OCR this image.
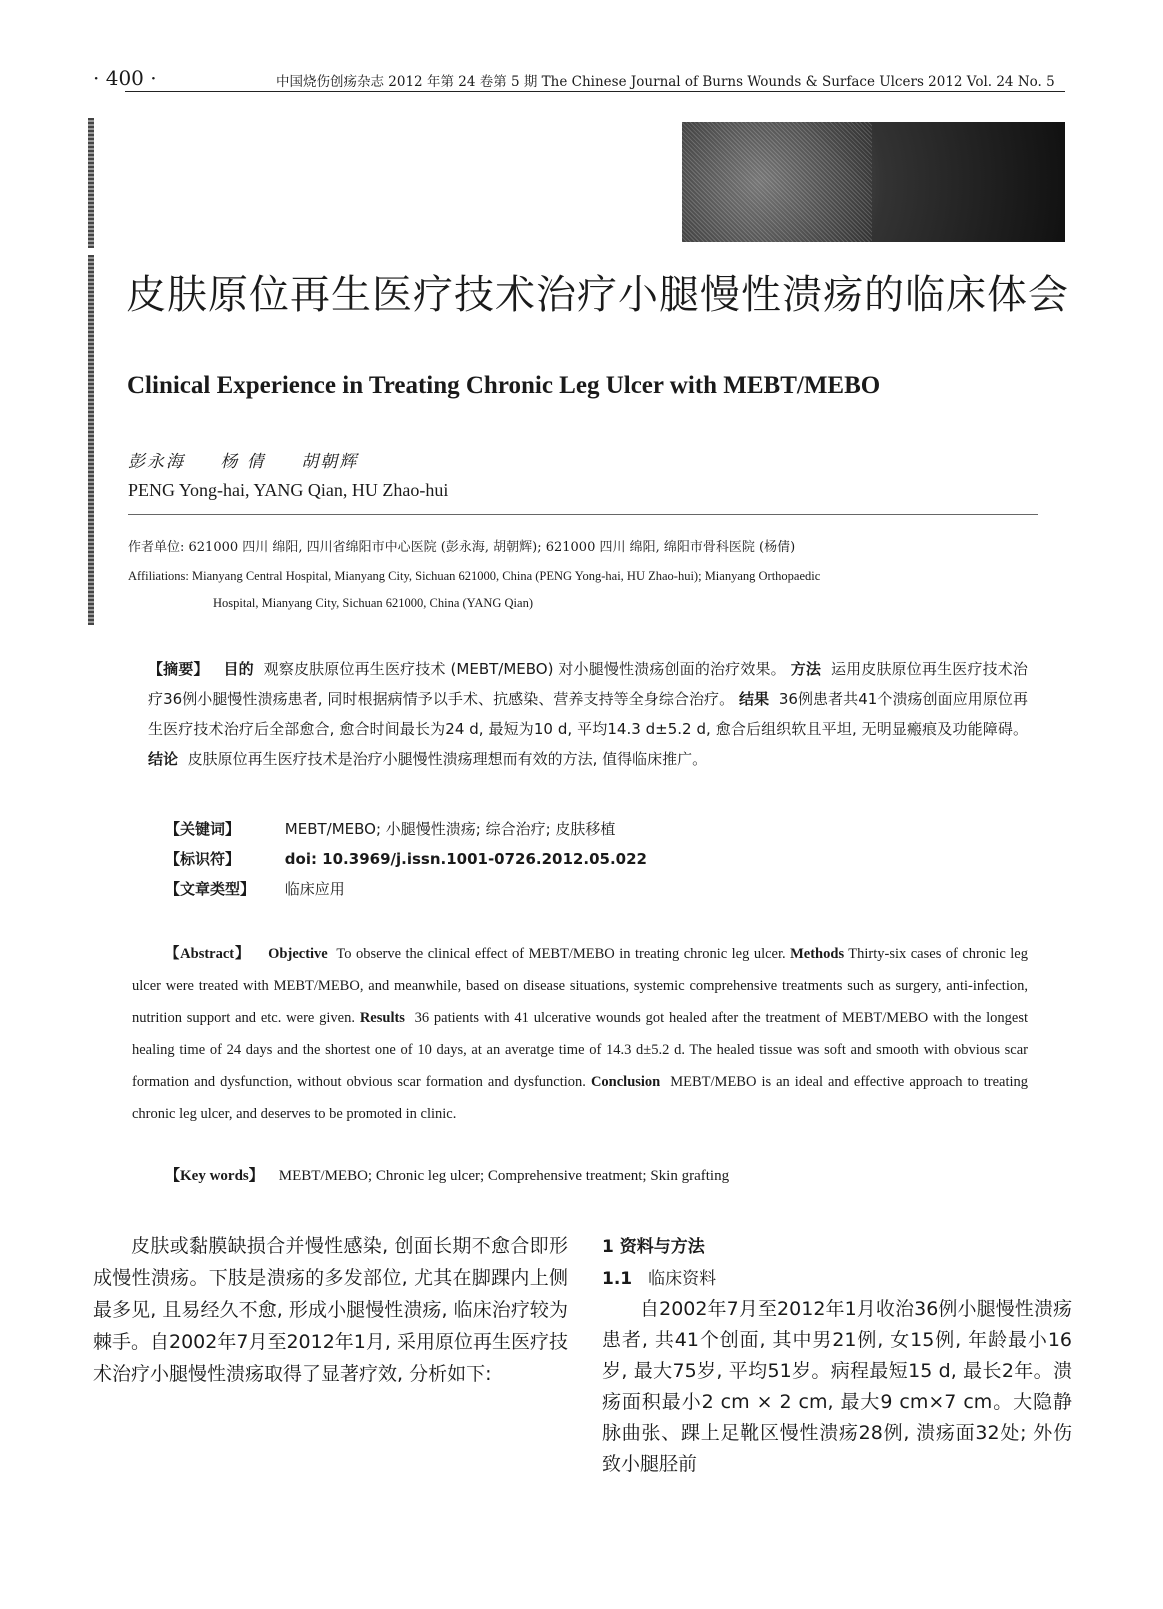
· 400 ·	中国烧伤创疡杂志 2012 年第 24 卷第 5 期 The Chinese Journal of Burns Wounds & Surface Ulcers 2012 Vol. 24 No. 5
皮肤原位再生医疗技术治疗小腿慢性溃疡的临床体会
Clinical Experience in Treating Chronic Leg Ulcer with MEBT/MEBO
彭永海 杨 倩 胡朝辉
PENG Yong-hai, YANG Qian, HU Zhao-hui
作者单位: 621000 四川 绵阳, 四川省绵阳市中心医院 (彭永海, 胡朝辉); 621000 四川 绵阳, 绵阳市骨科医院 (杨倩)
Affiliations: Mianyang Central Hospital, Mianyang City, Sichuan 621000, China (PENG Yong-hai, HU Zhao-hui); Mianyang Orthopaedic
Hospital, Mianyang City, Sichuan 621000, China (YANG Qian)
【摘要】 目的 观察皮肤原位再生医疗技术 (MEBT/MEBO) 对小腿慢性溃疡创面的治疗效果。 方法 运用皮肤原位再生医疗技术治疗36例小腿慢性溃疡患者, 同时根据病情予以手术、抗感染、营养支持等全身综合治疗。 结果 36例患者共41个溃疡创面应用原位再生医疗技术治疗后全部愈合, 愈合时间最长为24 d, 最短为10 d, 平均14.3 d±5.2 d, 愈合后组织软且平坦, 无明显瘢痕及功能障碍。 结论 皮肤原位再生医疗技术是治疗小腿慢性溃疡理想而有效的方法, 值得临床推广。
【关键词】	MEBT/MEBO; 小腿慢性溃疡; 综合治疗; 皮肤移植
【标识符】	doi: 10.3969/j.issn.1001-0726.2012.05.022
【文章类型】 临床应用
【Abstract】 Objective To observe the clinical effect of MEBT/MEBO in treating chronic leg ulcer. Methods Thirty-six cases of chronic leg ulcer were treated with MEBT/MEBO, and meanwhile, based on disease situations, systemic comprehensive treatments such as surgery, anti-infection, nutrition support and etc. were given. Results 36 patients with 41 ulcerative wounds got healed after the treatment of MEBT/MEBO with the longest healing time of 24 days and the shortest one of 10 days, at an averatge time of 14.3 d±5.2 d. The healed tissue was soft and smooth with obvious scar formation and dysfunction, without obvious scar formation and dysfunction. Conclusion MEBT/MEBO is an ideal and effective approach to treating chronic leg ulcer, and deserves to be promoted in clinic.
【Key words】 MEBT/MEBO; Chronic leg ulcer; Comprehensive treatment; Skin grafting

皮肤或黏膜缺损合并慢性感染, 创面长期不愈合即形成慢性溃疡。下肢是溃疡的多发部位, 尤其在脚踝内上侧最多见, 且易经久不愈, 形成小腿慢性溃疡, 临床治疗较为棘手。自2002年7月至2012年1月, 采用原位再生医疗技术治疗小腿慢性溃疡取得了显著疗效, 分析如下:

1 资料与方法
1.1 临床资料

自2002年7月至2012年1月收治36例小腿慢性溃疡患者, 共41个创面, 其中男21例, 女15例, 年龄最小16岁, 最大75岁, 平均51岁。病程最短15 d, 最长2年。溃疡面积最小2 cm × 2 cm, 最大9 cm×7 cm。大隐静脉曲张、踝上足靴区慢性溃疡28例, 溃疡面32处; 外伤致小腿胫前
